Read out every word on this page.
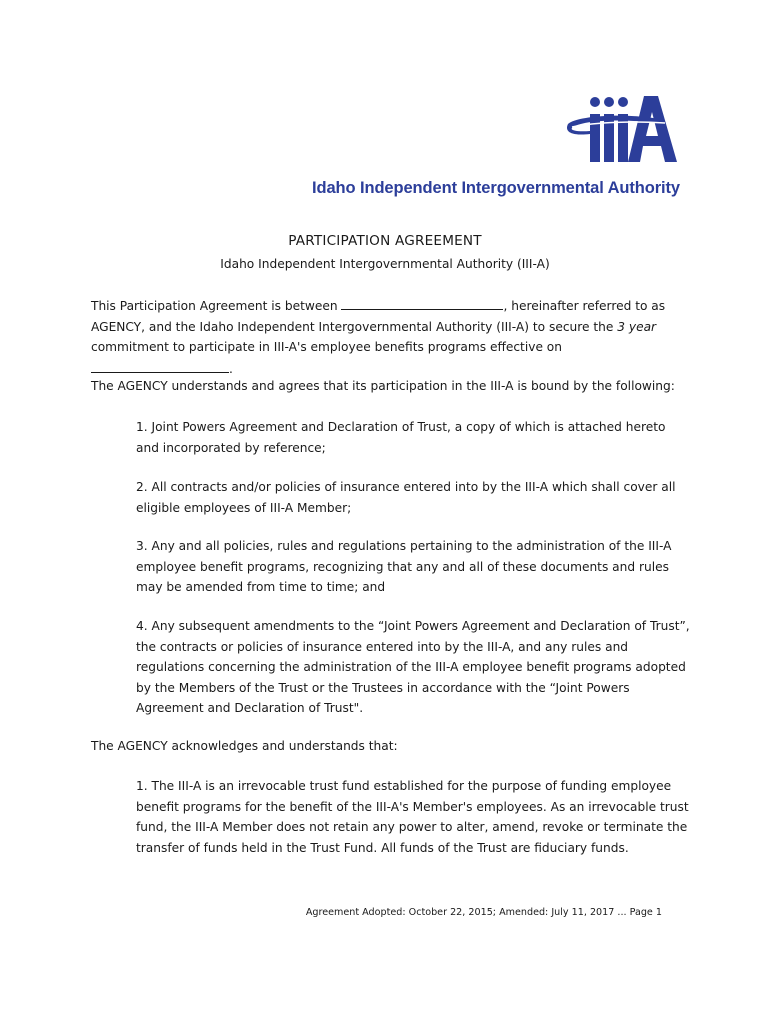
Idaho Independent Intergovernmental Authority
PARTICIPATION AGREEMENT
Idaho Independent Intergovernmental Authority (III-A)
This Participation Agreement is between	, hereinafter referred to as AGENCY, and the Idaho Independent Intergovernmental Authority (III-A) to secure the 3 year commitment to participate in III-A's employee benefits programs effective on .
The AGENCY understands and agrees that its participation in the III-A is bound by the following:
1. Joint Powers Agreement and Declaration of Trust, a copy of which is attached hereto and incorporated by reference;
2. All contracts and/or policies of insurance entered into by the III-A which shall cover all eligible employees of III-A Member;
3. Any and all policies, rules and regulations pertaining to the administration of the III-A employee benefit programs, recognizing that any and all of these documents and rules may be amended from time to time; and
4. Any subsequent amendments to the “Joint Powers Agreement and Declaration of Trust”, the contracts or policies of insurance entered into by the III-A, and any rules and regulations concerning the administration of the III-A employee benefit programs adopted by the Members of the Trust or the Trustees in accordance with the “Joint Powers Agreement and Declaration of Trust".
The AGENCY acknowledges and understands that:
1. The III-A is an irrevocable trust fund established for the purpose of funding employee benefit programs for the benefit of the III-A's Member's employees. As an irrevocable trust fund, the III-A Member does not retain any power to alter, amend, revoke or terminate the transfer of funds held in the Trust Fund. All funds of the Trust are fiduciary funds.
Agreement Adopted: October 22, 2015; Amended: July 11, 2017 ... Page 1
